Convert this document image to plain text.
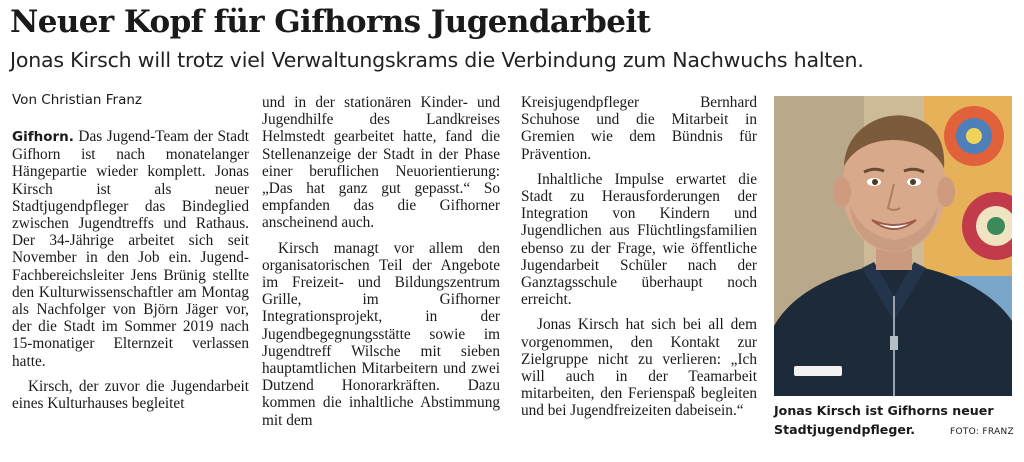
Neuer Kopf für Gifhorns Jugendarbeit
Jonas Kirsch will trotz viel Verwaltungskrams die Verbindung zum Nachwuchs halten.
Von Christian Franz

Gifhorn. Das Jugend-Team der Stadt Gifhorn ist nach monatelanger Hängepartie wieder komplett. Jonas Kirsch ist als neuer Stadtjugendpfleger das Bindeglied zwischen Jugendtreffs und Rathaus. Der 34-Jährige arbeitet sich seit November in den Job ein. Jugend-Fachbereichsleiter Jens Brünig stellte den Kulturwissenschaftler am Montag als Nachfolger von Björn Jäger vor, der die Stadt im Sommer 2019 nach 15-monatiger Elternzeit verlassen hatte.

Kirsch, der zuvor die Jugendarbeit eines Kulturhauses begleitet

und in der stationären Kinder- und Jugendhilfe des Landkreises Helmstedt gearbeitet hatte, fand die Stellenanzeige der Stadt in der Phase einer beruflichen Neuorientierung: „Das hat ganz gut gepasst.“ So empfanden das die Gifhorner anscheinend auch.

Kirsch managt vor allem den organisatorischen Teil der Angebote im Freizeit- und Bildungszentrum Grille, im Gifhorner Integrationsprojekt, in der Jugendbegegnungsstätte sowie im Jugendtreff Wilsche mit sieben hauptamtlichen Mitarbeitern und zwei Dutzend Honorarkräften. Dazu kommen die inhaltliche Abstimmung mit dem

Kreisjugendpfleger Bernhard Schuhose und die Mitarbeit in Gremien wie dem Bündnis für Prävention.

Inhaltliche Impulse erwartet die Stadt zu Herausforderungen der Integration von Kindern und Jugendlichen aus Flüchtlingsfamilien ebenso zu der Frage, wie öffentliche Jugendarbeit Schüler nach der Ganztagsschule überhaupt noch erreicht.

Jonas Kirsch hat sich bei all dem vorgenommen, den Kontakt zur Zielgruppe nicht zu verlieren: „Ich will auch in der Teamarbeit mitarbeiten, den Ferienspaß begleiten und bei Jugendfreizeiten dabeisein.“	Jonas Kirsch ist Gifhorns neuer
Stadtjugendpfleger.	FOTO: FRANZ
